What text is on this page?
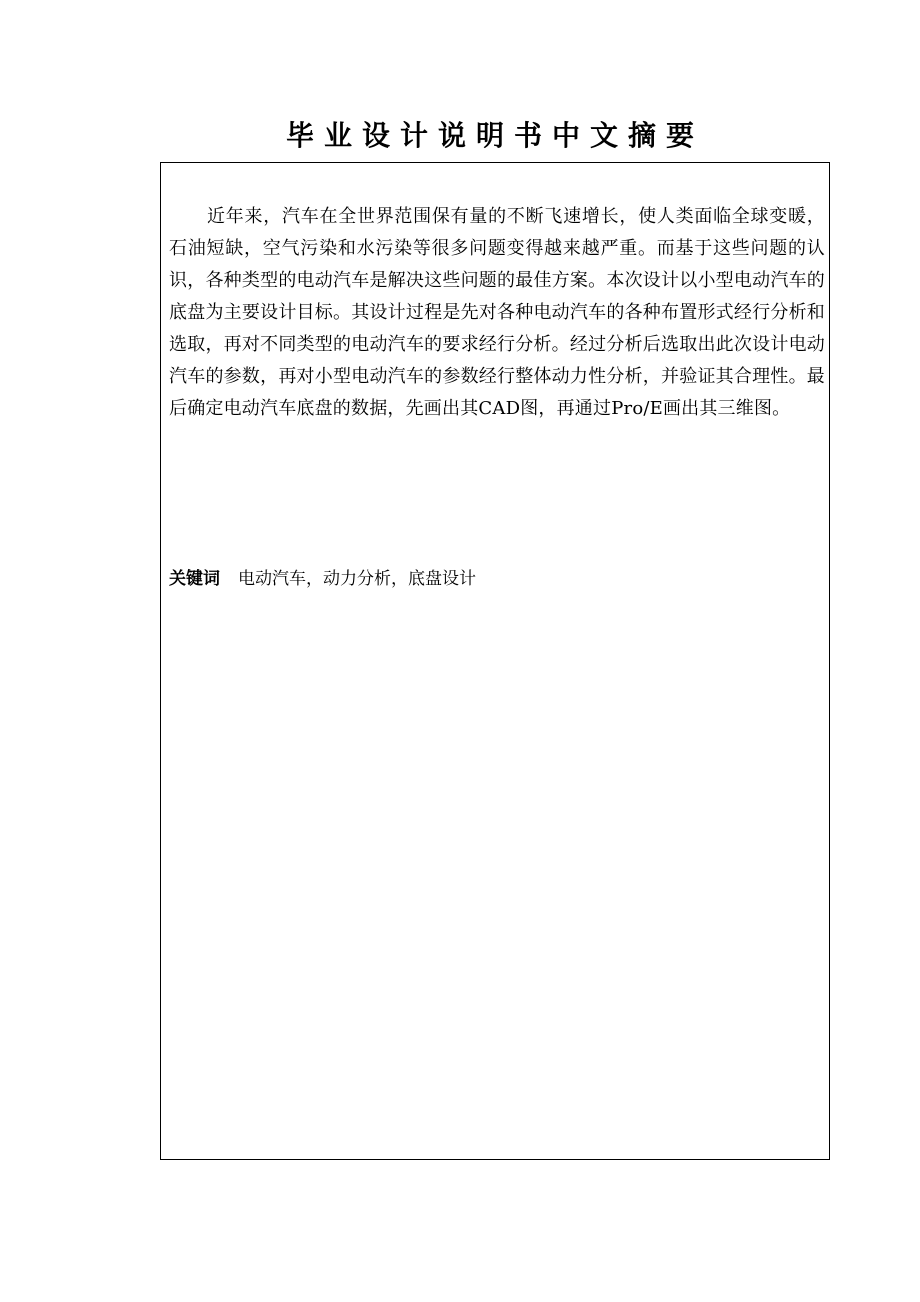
毕业设计说明书中文摘要

近年来，汽车在全世界范围保有量的不断飞速增长，使人类面临全球变暖，石油短缺，空气污染和水污染等很多问题变得越来越严重。而基于这些问题的认识，各种类型的电动汽车是解决这些问题的最佳方案。本次设计以小型电动汽车的底盘为主要设计目标。其设计过程是先对各种电动汽车的各种布置形式经行分析和选取，再对不同类型的电动汽车的要求经行分析。经过分析后选取出此次设计电动汽车的参数，再对小型电动汽车的参数经行整体动力性分析，并验证其合理性。最后确定电动汽车底盘的数据，先画出其CAD图，再通过Pro/E画出其三维图。

关键词 电动汽车，动力分析，底盘设计
